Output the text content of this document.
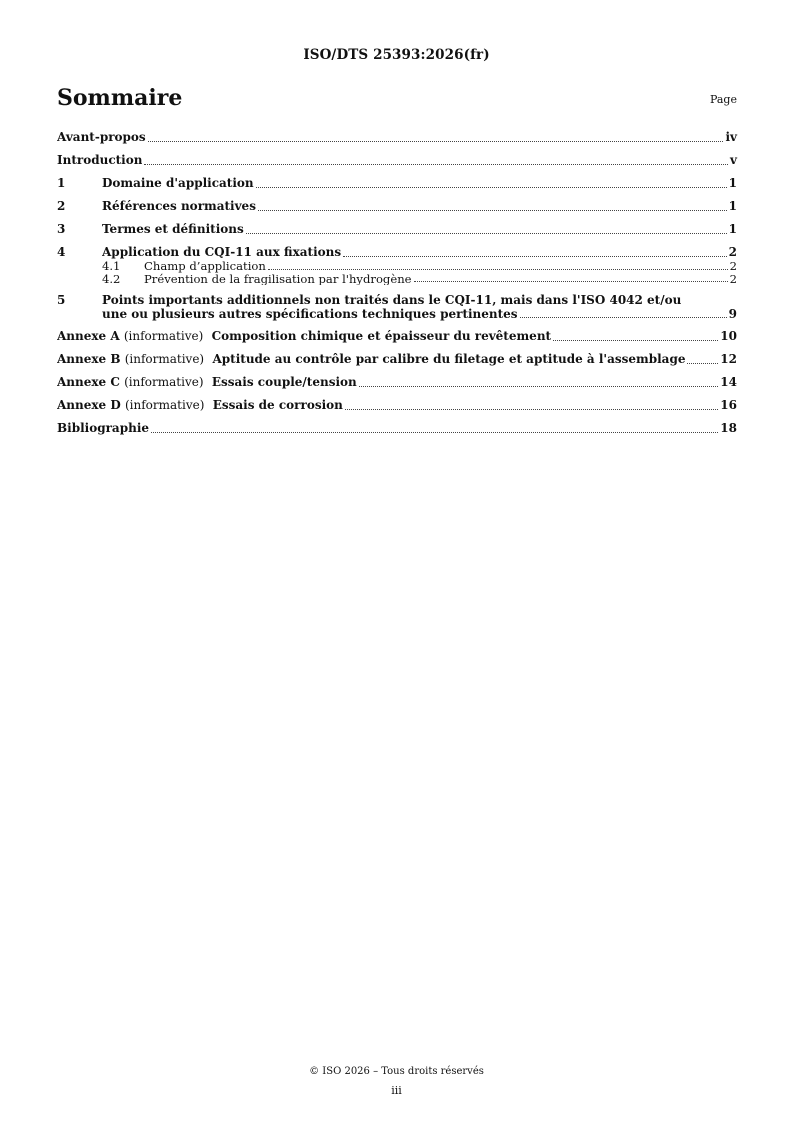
ISO/DTS 25393:2026(fr)
Sommaire	Page
Avant-propos	iv
Introduction	v
1	Domaine d'application	1
2	Références normatives	1
3	Termes et définitions	1
4	Application du CQI-11 aux fixations	2
4.1	Champ d’application	2
4.2	Prévention de la fragilisation par l'hydrogène	2
5	Points importants additionnels non traités dans le CQI-11, mais dans l'ISO 4042 et/ou
une ou plusieurs autres spécifications techniques pertinentes	9
Annexe A (informative) Composition chimique et épaisseur du revêtement	10
Annexe B (informative) Aptitude au contrôle par calibre du filetage et aptitude à l'assemblage	12
Annexe C (informative) Essais couple/tension	14
Annexe D (informative) Essais de corrosion	16
Bibliographie	18
© ISO 2026 – Tous droits réservés
iii
